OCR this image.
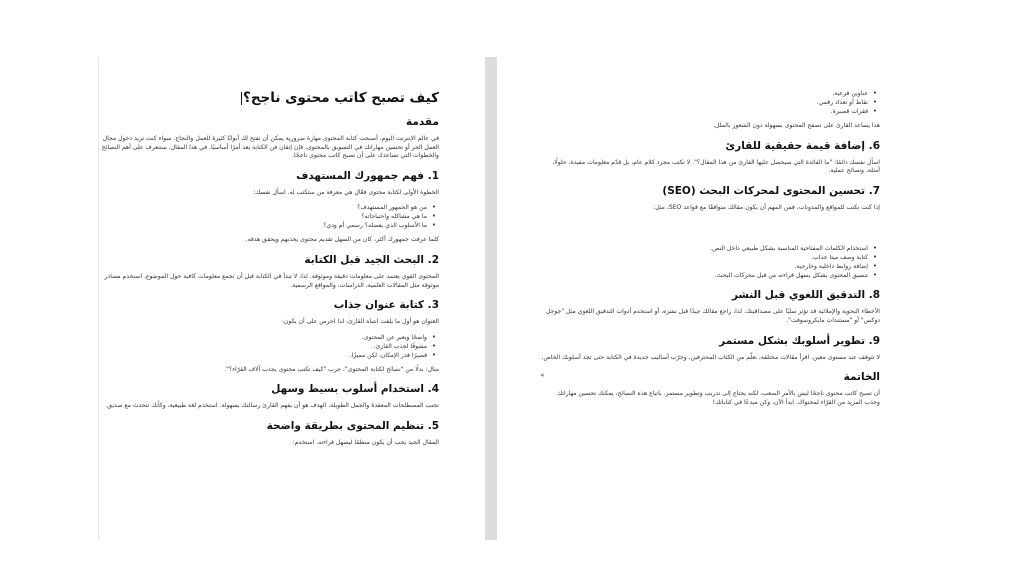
كيف تصبح كاتب محتوى ناجح؟
مقدمة

في عالم الإنترنت اليوم، أصبحت كتابة المحتوى مهارة ضرورية يمكن أن تفتح لك أبوابًا كثيرة للعمل والنجاح. سواء كنت تريد دخول مجال العمل الحر أو تحسين مهاراتك في التسويق بالمحتوى، فإن إتقان فن الكتابة يعد أمرًا أساسيًا. في هذا المقال، سنتعرف على أهم النصائح والخطوات التي تساعدك على أن تصبح كاتب محتوى ناجحًا.

1. فهم جمهورك المستهدف

الخطوة الأولى لكتابة محتوى فعّال هي معرفة من ستكتب له. اسأل نفسك:

• من هو الجمهور المستهدف؟
• ما هي مشاكله واحتياجاته؟
• ما الأسلوب الذي يفضله؟ رسمي أم ودي؟

كلما عرفت جمهورك أكثر، كان من السهل تقديم محتوى يجذبهم ويحقق هدفه.

2. البحث الجيد قبل الكتابة

المحتوى القوي يعتمد على معلومات دقيقة وموثوقة. لذا، لا تبدأ في الكتابة قبل أن تجمع معلومات كافية حول الموضوع. استخدم مصادر موثوقة مثل المقالات العلمية، الدراسات، والمواقع الرسمية.

3. كتابة عنوان جذاب

العنوان هو أول ما يلفت انتباه القارئ، لذا احرص على أن يكون:

• واضحًا ويعبر عن المحتوى.
• مشوقًا لجذب القارئ.
• قصيرًا قدر الإمكان، لكن مميزًا.

مثال: بدلًا من "نصائح لكتابة المحتوى"، جرب "كيف تكتب محتوى يجذب آلاف القرّاء؟".

4. استخدام أسلوب بسيط وسهل

تجنب المصطلحات المعقدة والجمل الطويلة. الهدف هو أن يفهم القارئ رسالتك بسهولة. استخدم لغة طبيعية، وكأنك تتحدث مع صديق.

5. تنظيم المحتوى بطريقة واضحة

المقال الجيد يجب أن يكون منظمًا ليسهل قراءته. استخدم:

• عناوين فرعية.
• نقاط أو تعداد رقمي.
• فقرات قصيرة.

هذا يساعد القارئ على تصفح المحتوى بسهولة دون الشعور بالملل.

6. إضافة قيمة حقيقية للقارئ

اسأل نفسك دائمًا: "ما الفائدة التي سيحصل عليها القارئ من هذا المقال؟". لا تكتب مجرد كلام عام، بل قدّم معلومات مفيدة، حلولًا، أمثلة، ونصائح عملية.

7. تحسين المحتوى لمحركات البحث (SEO)

إذا كنت تكتب للمواقع والمدونات، فمن المهم أن يكون مقالك متوافقًا مع قواعد SEO، مثل:

• استخدام الكلمات المفتاحية المناسبة بشكل طبيعي داخل النص.
• كتابة وصف ميتا جذاب.
• إضافة روابط داخلية وخارجية.
• تنسيق المحتوى بشكل يسهل قراءته من قبل محركات البحث.
8. التدقيق اللغوي قبل النشر

الأخطاء النحوية والإملائية قد تؤثر سلبًا على مصداقيتك. لذا، راجع مقالك جيدًا قبل نشره، أو استخدم أدوات التدقيق اللغوي مثل "جوجل دوكس" أو "مستندات مايكروسوفت".

9. تطوير أسلوبك بشكل مستمر

لا تتوقف عند مستوى معين. اقرأ مقالات مختلفة، تعلّم من الكتاب المحترفين، وجرّب أساليب جديدة في الكتابة حتى تجد أسلوبك الخاص.

الخاتمة
◂

أن تصبح كاتب محتوى ناجحًا ليس بالأمر الصعب، لكنه يحتاج إلى تدريب وتطوير مستمر. باتباع هذه النصائح، يمكنك تحسين مهاراتك وجذب المزيد من القرّاء لمحتواك. ابدأ الآن، وكن مبدعًا في كتاباتك!
